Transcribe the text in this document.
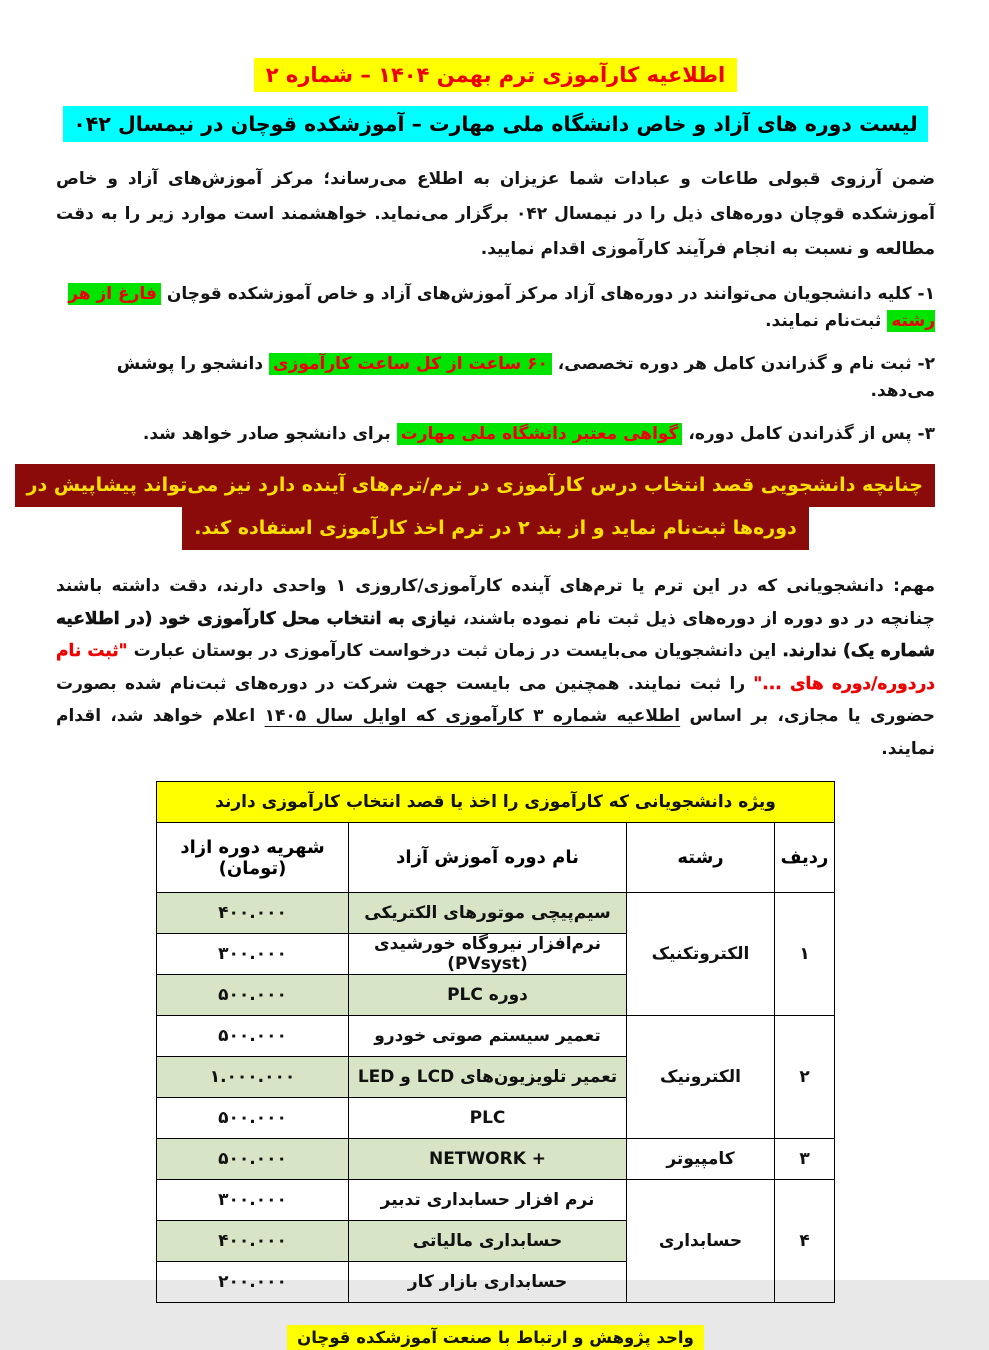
اطلاعیه کارآموزی ترم بهمن ۱۴۰۴ – شماره ۲
لیست دوره های آزاد و خاص دانشگاه ملی مهارت – آموزشکده قوچان در نیمسال ۰۴۲

ضمن آرزوی قبولی طاعات و عبادات شما عزیزان به اطلاع می‌رساند؛ مرکز آموزش‌های آزاد و خاص آموزشکده قوچان دوره‌های ذیل را در نیمسال ۰۴۲ برگزار می‌نماید. خواهشمند است موارد زیر را به دقت مطالعه و نسبت به انجام فرآیند کارآموزی اقدام نمایید.

۱- کلیه دانشجویان می‌توانند در دوره‌های آزاد مرکز آموزش‌های آزاد و خاص آموزشکده قوچان فارغ از هر رشته ثبت‌نام نمایند.
۲- ثبت نام و گذراندن کامل هر دوره تخصصی، ۶۰ ساعت از کل ساعت کارآموزی دانشجو را پوشش می‌دهد.
۳- پس از گذراندن کامل دوره، گواهی معتبر دانشگاه ملی مهارت برای دانشجو صادر خواهد شد.
چنانچه دانشجویی قصد انتخاب درس کارآموزی در ترم/ترم‌های آینده دارد نیز می‌تواند پیشاپیش در
دوره‌ها ثبت‌نام نماید و از بند ۲ در ترم اخذ کارآموزی استفاده کند.

مهم: دانشجویانی که در این ترم یا ترم‌های آینده کارآموزی/کاروزی ۱ واحدی دارند، دقت داشته باشند چنانچه در دو دوره از دوره‌های ذیل ثبت نام نموده باشند، نیازی به انتخاب محل کارآموزی خود (در اطلاعیه شماره یک) ندارند. این دانشجویان می‌بایست در زمان ثبت درخواست کارآموزی در بوستان عبارت "ثبت نام دردوره/دوره های ..." را ثبت نمایند. همچنین می بایست جهت شرکت در دوره‌های ثبت‌نام شده بصورت حضوری یا مجازی، بر اساس اطلاعیه شماره ۳ کارآموزی که اوایل سال ۱۴۰۵ اعلام خواهد شد، اقدام نمایند.

ویژه دانشجویانی که کارآموزی را اخذ یا قصد انتخاب کارآموزی دارند			
ردیف	رشته	نام دوره آموزش آزاد	شهریه دوره ازاد
(تومان)

۱	الکتروتکنیک	سیم‌پیچی موتورهای الکتریکی	۴۰۰.۰۰۰
		نرم‌افزار نیروگاه خورشیدی (PVsyst)	۳۰۰.۰۰۰
		دوره PLC	۵۰۰.۰۰۰
۲	الکترونیک	تعمیر سیستم صوتی خودرو	۵۰۰.۰۰۰
		تعمیر تلویزیون‌های LCD و LED	۱.۰۰۰.۰۰۰
		PLC	۵۰۰.۰۰۰
۳	کامپیوتر	NETWORK +	۵۰۰.۰۰۰
۴	حسابداری	نرم افزار حسابداری تدبیر	۳۰۰.۰۰۰
		حسابداری مالیاتی	۴۰۰.۰۰۰
		حسابداری بازار کار	۲۰۰.۰۰۰
واحد پژوهش و ارتباط با صنعت آموزشکده قوچان
